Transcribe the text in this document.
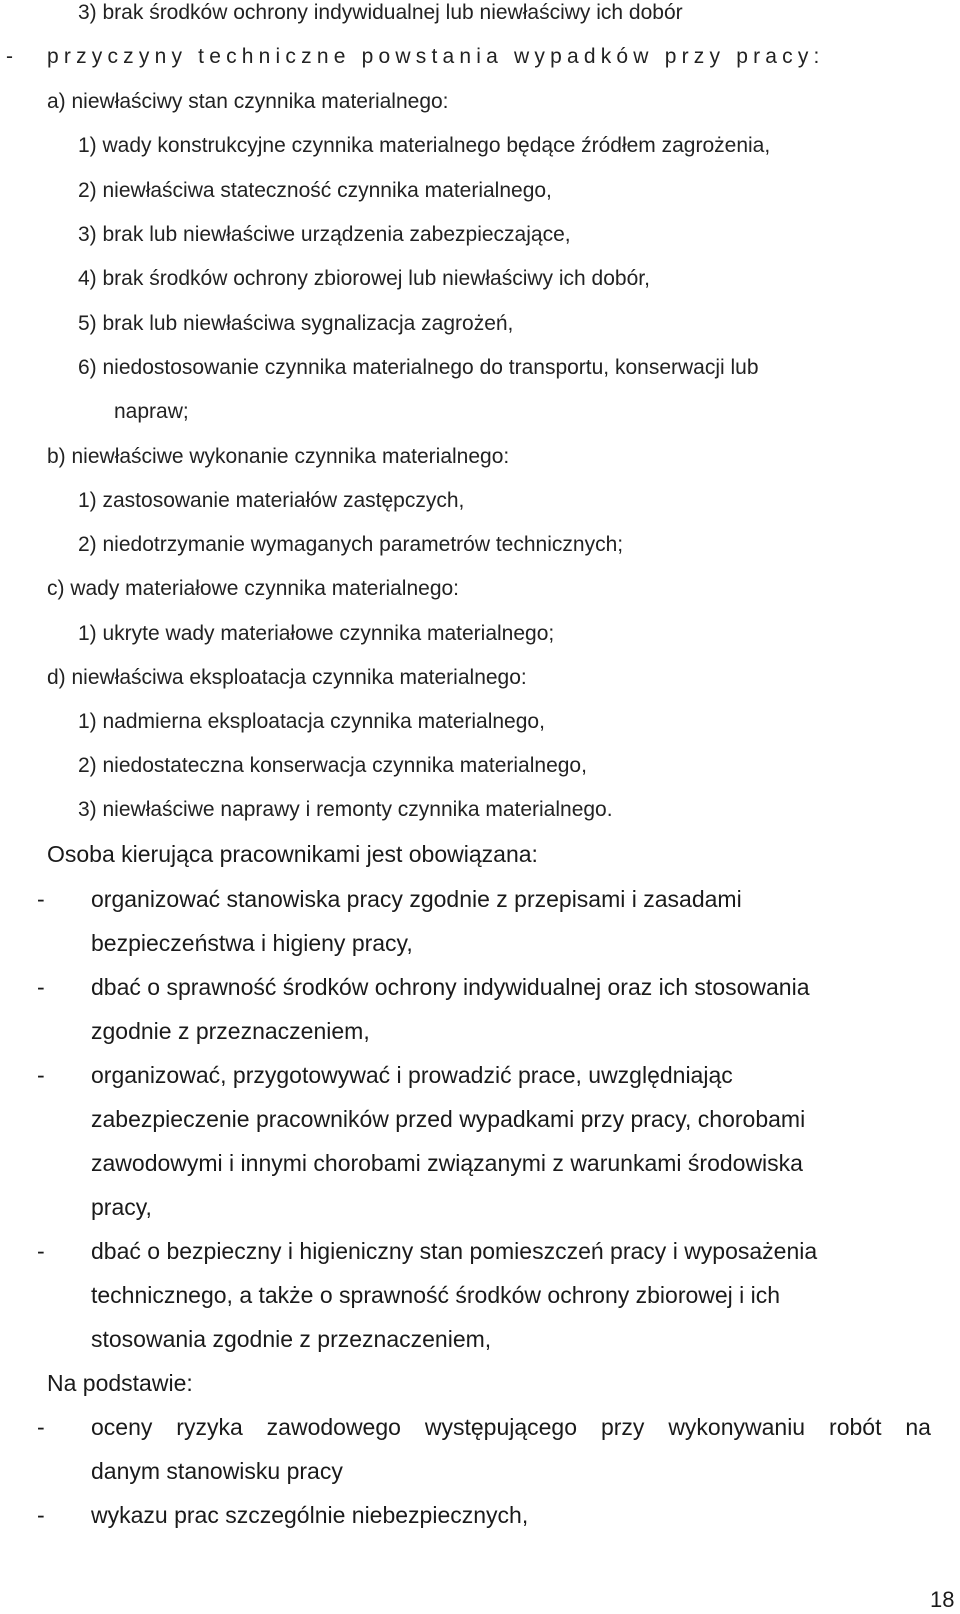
3) brak środków ochrony indywidualnej lub niewłaściwy ich dobór
- przyczyny techniczne powstania wypadków przy pracy:
a) niewłaściwy stan czynnika materialnego:
1) wady konstrukcyjne czynnika materialnego będące źródłem zagrożenia,
2) niewłaściwa stateczność czynnika materialnego,
3) brak lub niewłaściwe urządzenia zabezpieczające,
4) brak środków ochrony zbiorowej lub niewłaściwy ich dobór,
5) brak lub niewłaściwa sygnalizacja zagrożeń,
6) niedostosowanie czynnika materialnego do transportu, konserwacji lub
napraw;
b) niewłaściwe wykonanie czynnika materialnego:
1) zastosowanie materiałów zastępczych,
2) niedotrzymanie wymaganych parametrów technicznych;
c) wady materiałowe czynnika materialnego:
1) ukryte wady materiałowe czynnika materialnego;
d) niewłaściwa eksploatacja czynnika materialnego:
1) nadmierna eksploatacja czynnika materialnego,
2) niedostateczna konserwacja czynnika materialnego,
3) niewłaściwe naprawy i remonty czynnika materialnego.
Osoba kierująca pracownikami jest obowiązana:
- organizować stanowiska pracy zgodnie z przepisami i zasadami
bezpieczeństwa i higieny pracy,
- dbać o sprawność środków ochrony indywidualnej oraz ich stosowania
zgodnie z przeznaczeniem,
- organizować, przygotowywać i prowadzić prace, uwzględniając
zabezpieczenie pracowników przed wypadkami przy pracy, chorobami
zawodowymi i innymi chorobami związanymi z warunkami środowiska
pracy,
- dbać o bezpieczny i higieniczny stan pomieszczeń pracy i wyposażenia
technicznego, a także o sprawność środków ochrony zbiorowej i ich
stosowania zgodnie z przeznaczeniem,
Na podstawie:
- oceny ryzyka zawodowego występującego przy wykonywaniu robót na
danym stanowisku pracy
- wykazu prac szczególnie niebezpiecznych,
18
